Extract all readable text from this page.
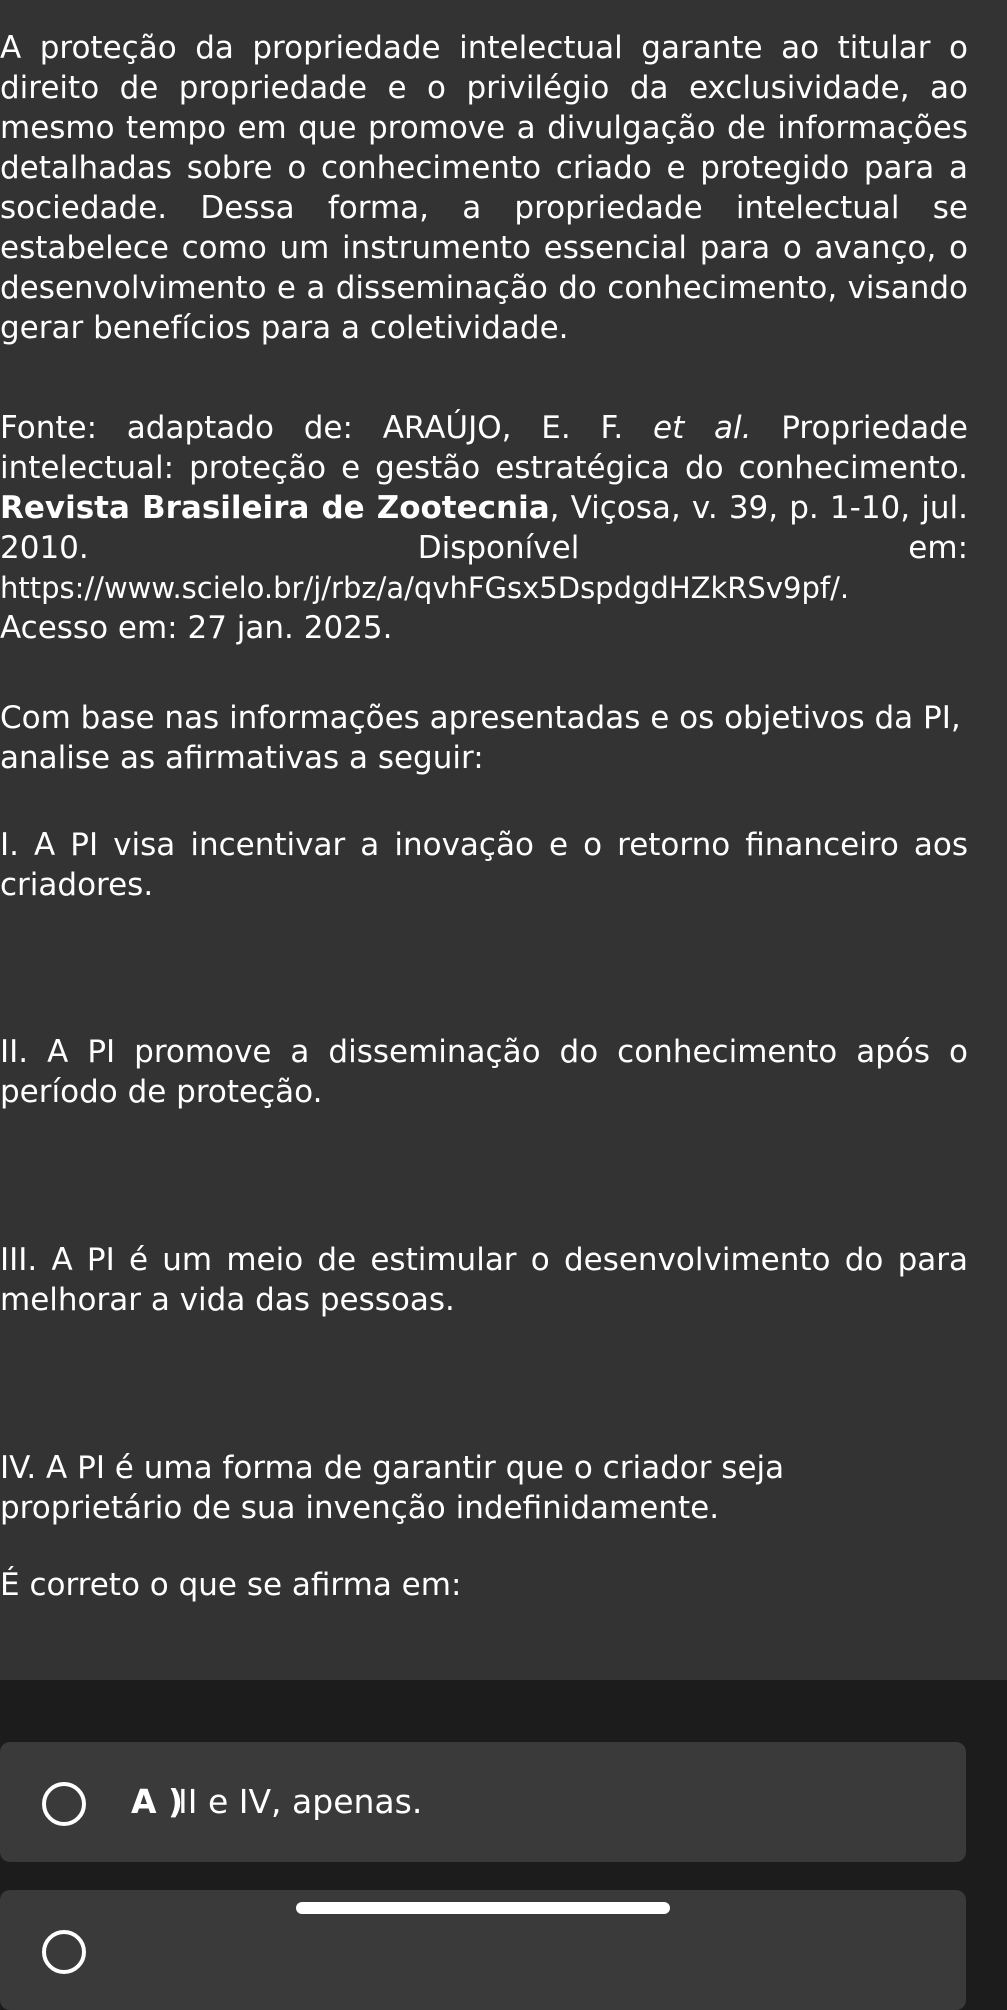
A proteção da propriedade intelectual garante ao titular o direito de propriedade e o privilégio da exclusividade, ao mesmo tempo em que promove a divulgação de informações detalhadas sobre o conhecimento criado e protegido para a sociedade. Dessa forma, a propriedade intelectual se estabelece como um instrumento essencial para o avanço, o desenvolvimento e a disseminação do conhecimento, visando gerar benefícios para a coletividade.

Fonte: adaptado de: ARAÚJO, E. F. et al. Propriedade
intelectual: proteção e gestão estratégica do conhecimento.
Revista Brasileira de Zootecnia, Viçosa, v. 39, p. 1-10, jul.
2010.	Disponível	em:
https://www.scielo.br/j/rbz/a/qvhFGsx5DspdgdHZkRSv9pf/.
Acesso em: 27 jan. 2025.

Com base nas informações apresentadas e os objetivos da PI, analise as afirmativas a seguir:

I. A PI visa incentivar a inovação e o retorno financeiro aos criadores.

II. A PI promove a disseminação do conhecimento após o período de proteção.

III. A PI é um meio de estimular o desenvolvimento do para melhorar a vida das pessoas.

IV. A PI é uma forma de garantir que o criador seja proprietário de sua invenção indefinidamente.

É correto o que se afirma em:

A )
II e IV, apenas.
